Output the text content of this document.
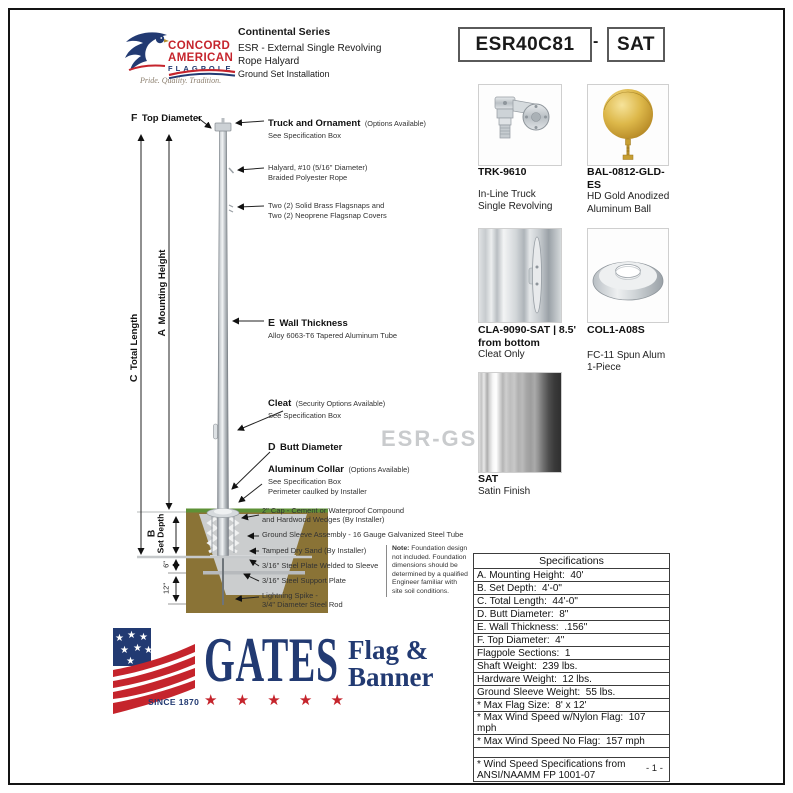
CONCORD
AMERICAN
FLAGPOLE
Pride. Quality. Tradition.
Continental Series
ESR - External Single Revolving
Rope Halyard
Ground Set Installation
ESR40C81 - SAT
F Top Diameter
C Total Length	A Mounting Height
B
Set Depth
6"
12"
Truck and Ornament (Options Available)
See Specification Box
Halyard, #10 (5/16" Diameter)
Braided Polyester Rope
Two (2) Solid Brass Flagsnaps and
Two (2) Neoprene Flagsnap Covers
E Wall Thickness
Alloy 6063-T6 Tapered Aluminum Tube
Cleat (Security Options Available)
See Specification Box
D Butt Diameter ESR-GS
Aluminum Collar (Options Available)
See Specification Box
Perimeter caulked by Installer
2" Cap - Cement or Waterproof Compound
and Hardwood Wedges (By Installer)
Ground Sleeve Assembly - 16 Gauge Galvanized Steel Tube
Tamped Dry Sand (By Installer)
3/16" Steel Plate Welded to Sleeve
3/16" Steel Support Plate
Lightning Spike -
3/4" Diameter Steel Rod
Note: Foundation design not included. Foundation dimensions should be determined by a qualified Engineer familiar with site soil conditions.
TRK-9610
In-Line Truck
Single Revolving
BAL-0812-GLD-ES
HD Gold Anodized
Aluminum Ball
CLA-9090-SAT | 8.5' from bottom
Cleat Only
COL1-A08S
FC-11 Spun Alum
1-Piece
SAT
Satin Finish
Specifications
A. Mounting Height:  40'
B. Set Depth:  4'-0"
C. Total Length:  44'-0"
D. Butt Diameter:  8"
E. Wall Thickness:  .156"
F. Top Diameter:  4"
Flagpole Sections:  1
Shaft Weight:  239 lbs.
Hardware Weight:  12 lbs.
Ground Sleeve Weight:  55 lbs.
* Max Flag Size:  8' x 12'
* Max Wind Speed w/Nylon Flag:  107 mph
* Max Wind Speed No Flag:  157 mph

* Wind Speed Specifications from ANSI/NAAMM FP 1001-07
★ ★ ★
★ ★ ★
★
SINCE 1870
GATES
★ ★ ★ ★ ★
Flag &
Banner
- 1 -
